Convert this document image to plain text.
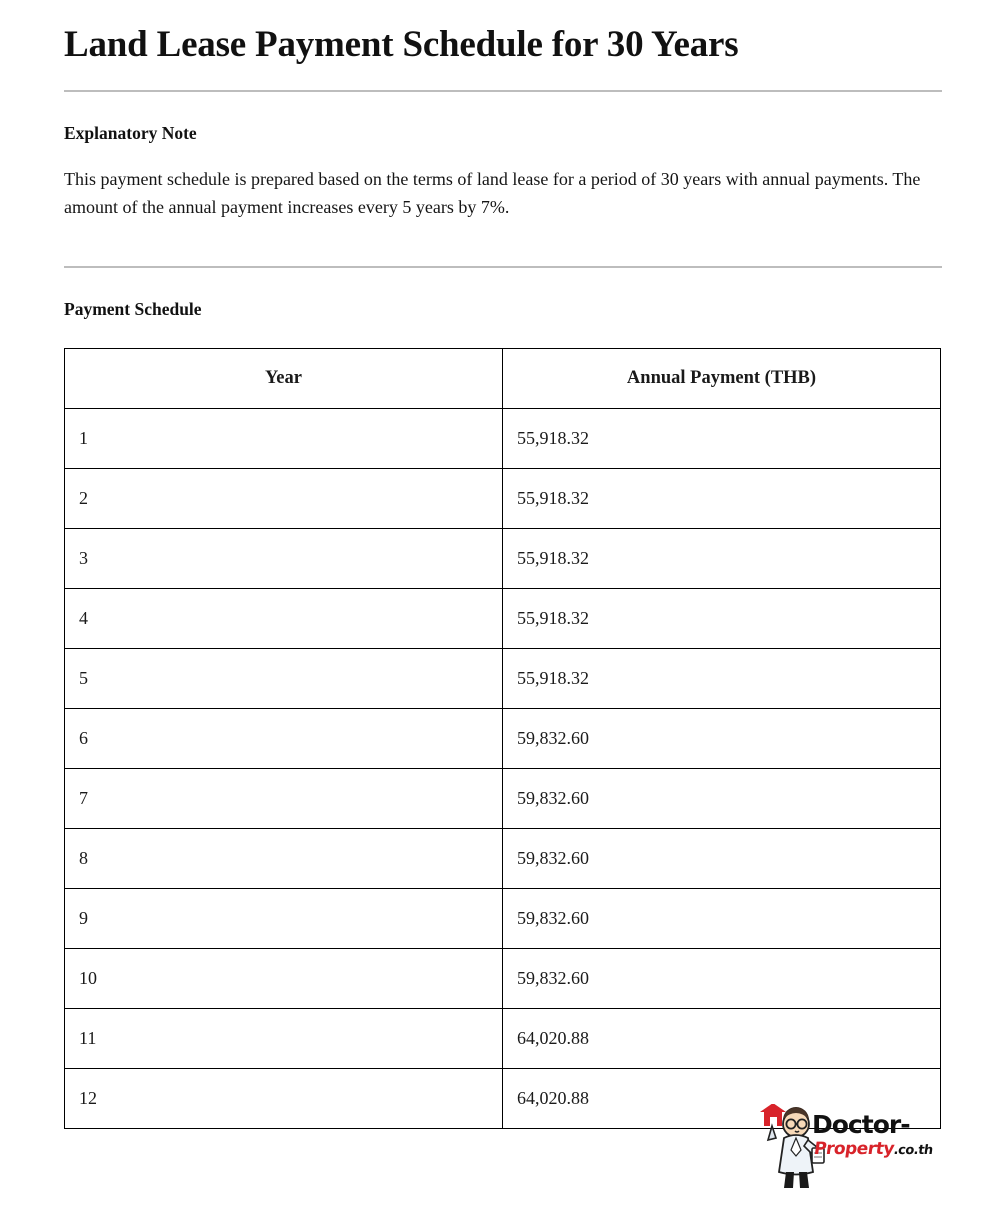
Land Lease Payment Schedule for 30 Years
Explanatory Note

This payment schedule is prepared based on the terms of land lease for a period of 30 years with annual payments. The amount of the annual payment increases every 5 years by 7%.

Payment Schedule
Year	Annual Payment (THB)
1	55,918.32
2	55,918.32
3	55,918.32
4	55,918.32
5	55,918.32
6	59,832.60
7	59,832.60
8	59,832.60
9	59,832.60
10	59,832.60
11	64,020.88
12	64,020.88
Doctor-
Property.co.th
